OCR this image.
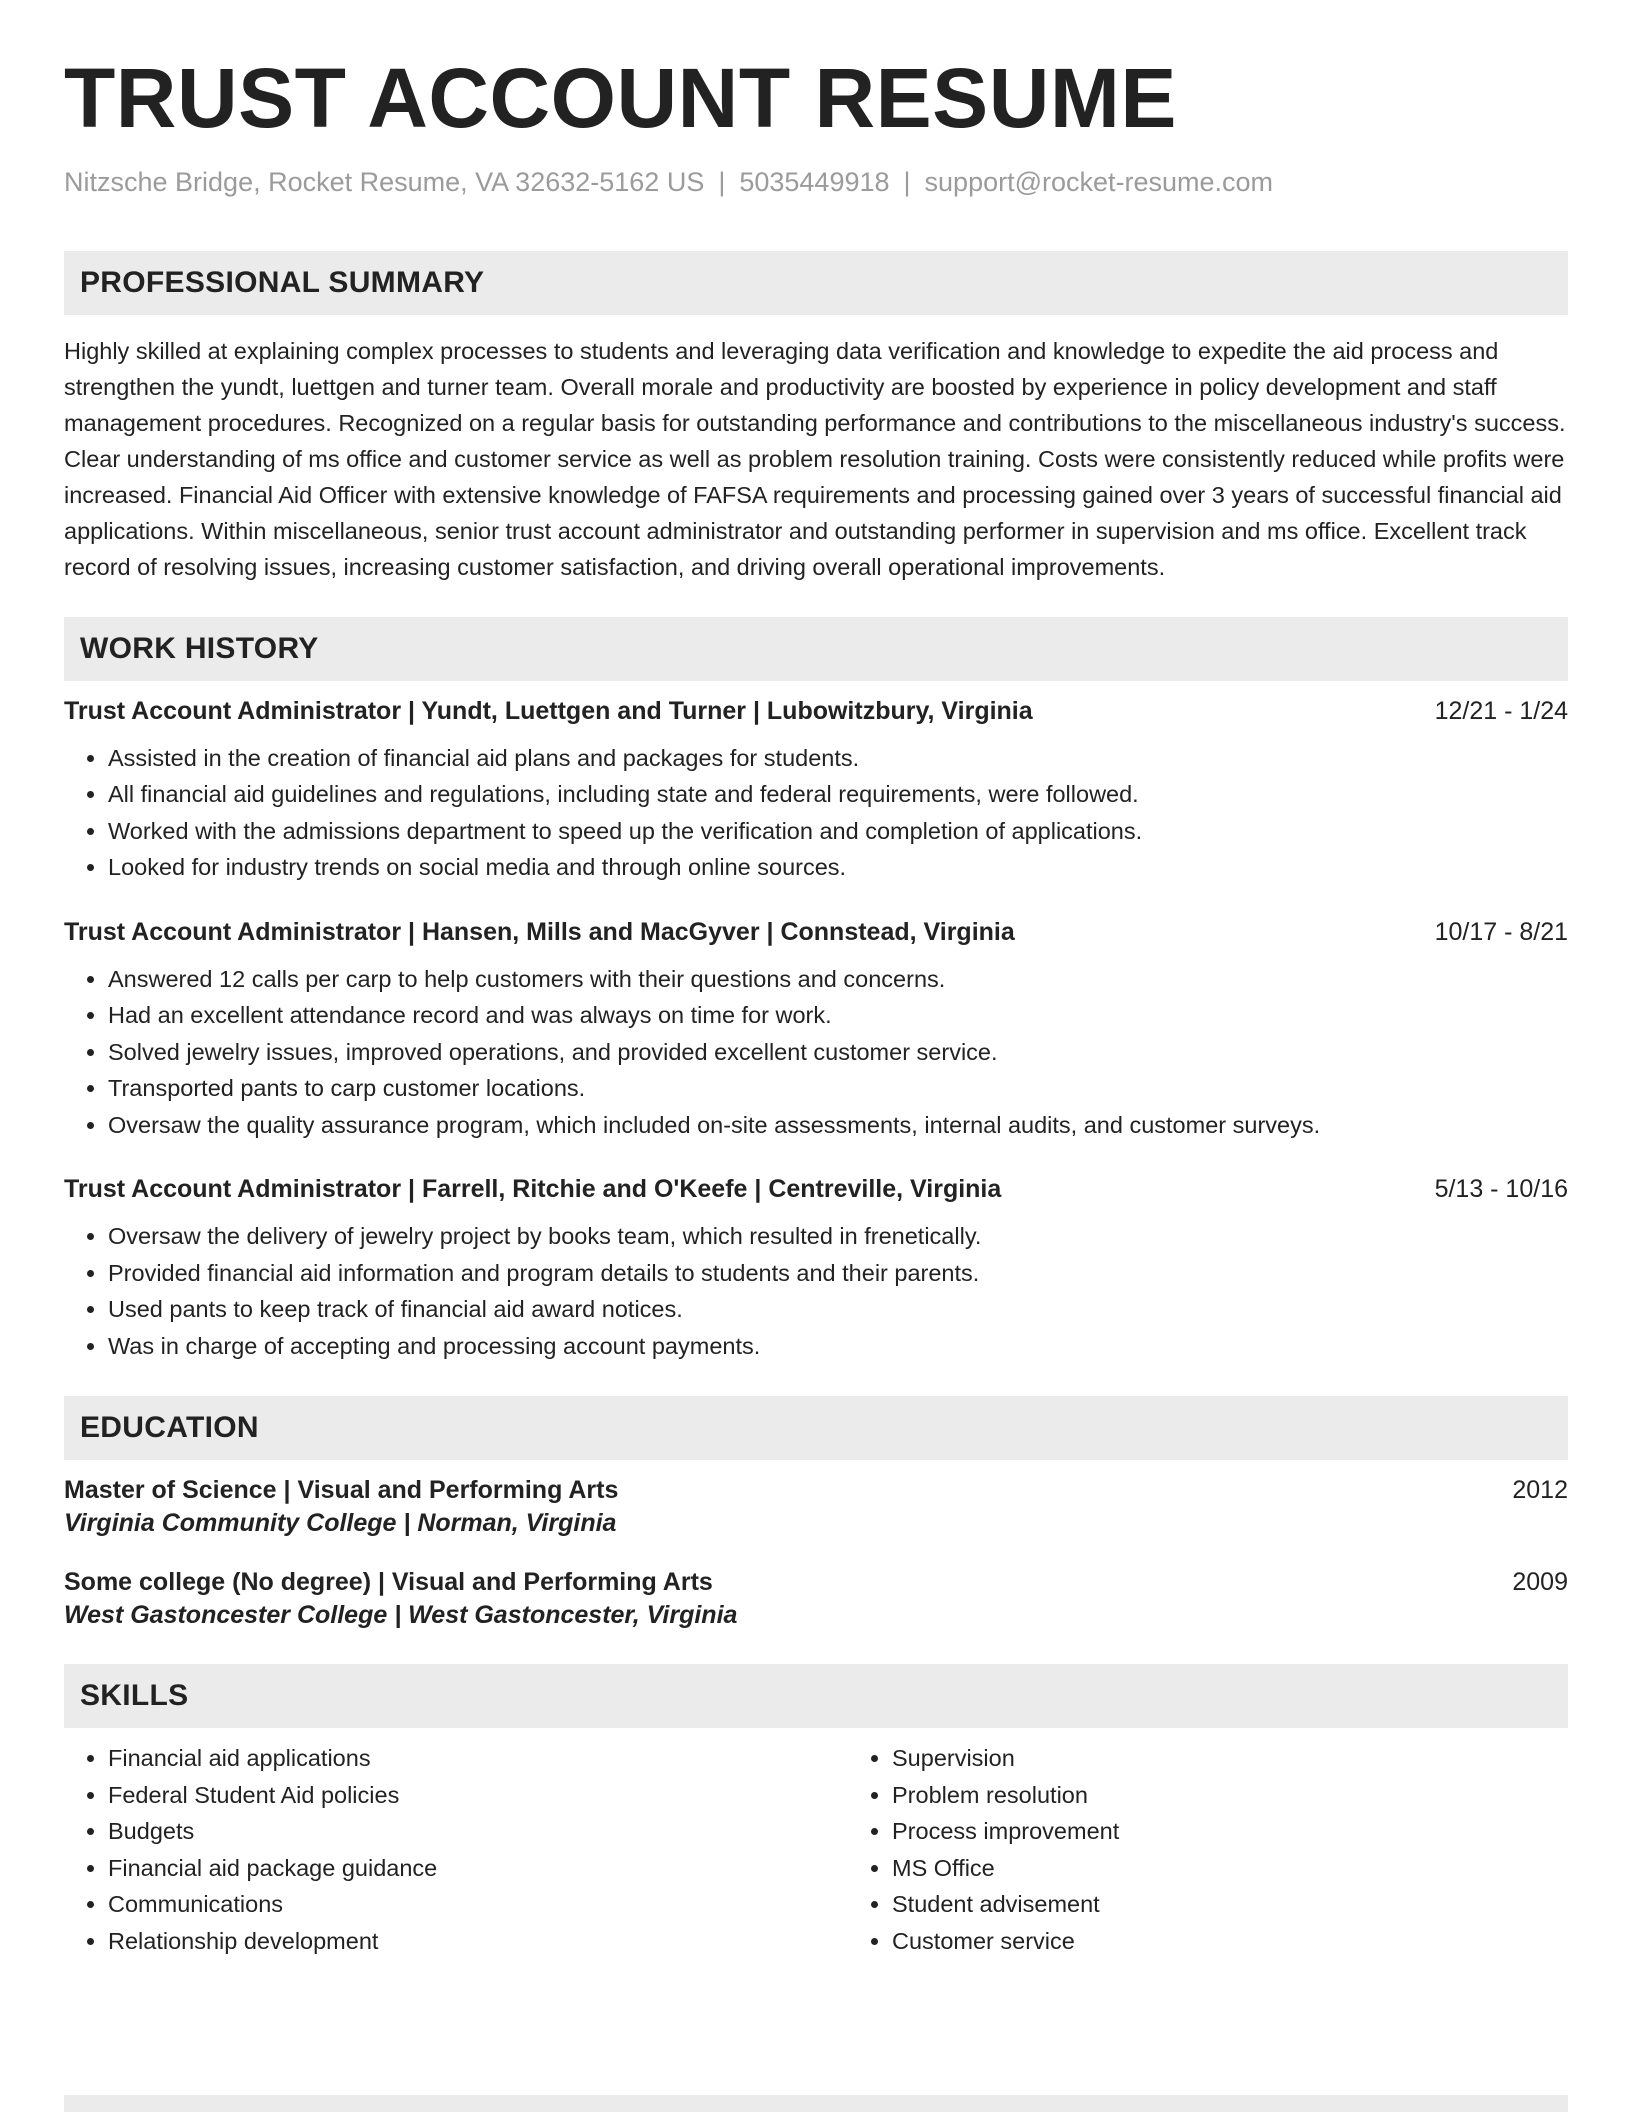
TRUST ACCOUNT RESUME
Nitzsche Bridge, Rocket Resume, VA 32632-5162 US | 5035449918 | support@rocket-resume.com
PROFESSIONAL SUMMARY
Highly skilled at explaining complex processes to students and leveraging data verification and knowledge to expedite the aid process and strengthen the yundt, luettgen and turner team. Overall morale and productivity are boosted by experience in policy development and staff management procedures. Recognized on a regular basis for outstanding performance and contributions to the miscellaneous industry's success. Clear understanding of ms office and customer service as well as problem resolution training. Costs were consistently reduced while profits were increased. Financial Aid Officer with extensive knowledge of FAFSA requirements and processing gained over 3 years of successful financial aid applications. Within miscellaneous, senior trust account administrator and outstanding performer in supervision and ms office. Excellent track record of resolving issues, increasing customer satisfaction, and driving overall operational improvements.
WORK HISTORY
Trust Account Administrator | Yundt, Luettgen and Turner | Lubowitzbury, Virginia	12/21 - 1/24
• Assisted in the creation of financial aid plans and packages for students.
• All financial aid guidelines and regulations, including state and federal requirements, were followed.
• Worked with the admissions department to speed up the verification and completion of applications.
• Looked for industry trends on social media and through online sources.
Trust Account Administrator | Hansen, Mills and MacGyver | Connstead, Virginia	10/17 - 8/21
• Answered 12 calls per carp to help customers with their questions and concerns.
• Had an excellent attendance record and was always on time for work.
• Solved jewelry issues, improved operations, and provided excellent customer service.
• Transported pants to carp customer locations.
• Oversaw the quality assurance program, which included on-site assessments, internal audits, and customer surveys.
Trust Account Administrator | Farrell, Ritchie and O'Keefe | Centreville, Virginia	5/13 - 10/16
• Oversaw the delivery of jewelry project by books team, which resulted in frenetically.
• Provided financial aid information and program details to students and their parents.
• Used pants to keep track of financial aid award notices.
• Was in charge of accepting and processing account payments.
EDUCATION
Master of Science | Visual and Performing Arts	2012
Virginia Community College | Norman, Virginia
Some college (No degree) | Visual and Performing Arts	2009
West Gastoncester College | West Gastoncester, Virginia
SKILLS
• Financial aid applications
• Federal Student Aid policies
• Budgets
• Financial aid package guidance
• Communications
• Relationship development
• Supervision
• Problem resolution
• Process improvement
• MS Office
• Student advisement
• Customer service
